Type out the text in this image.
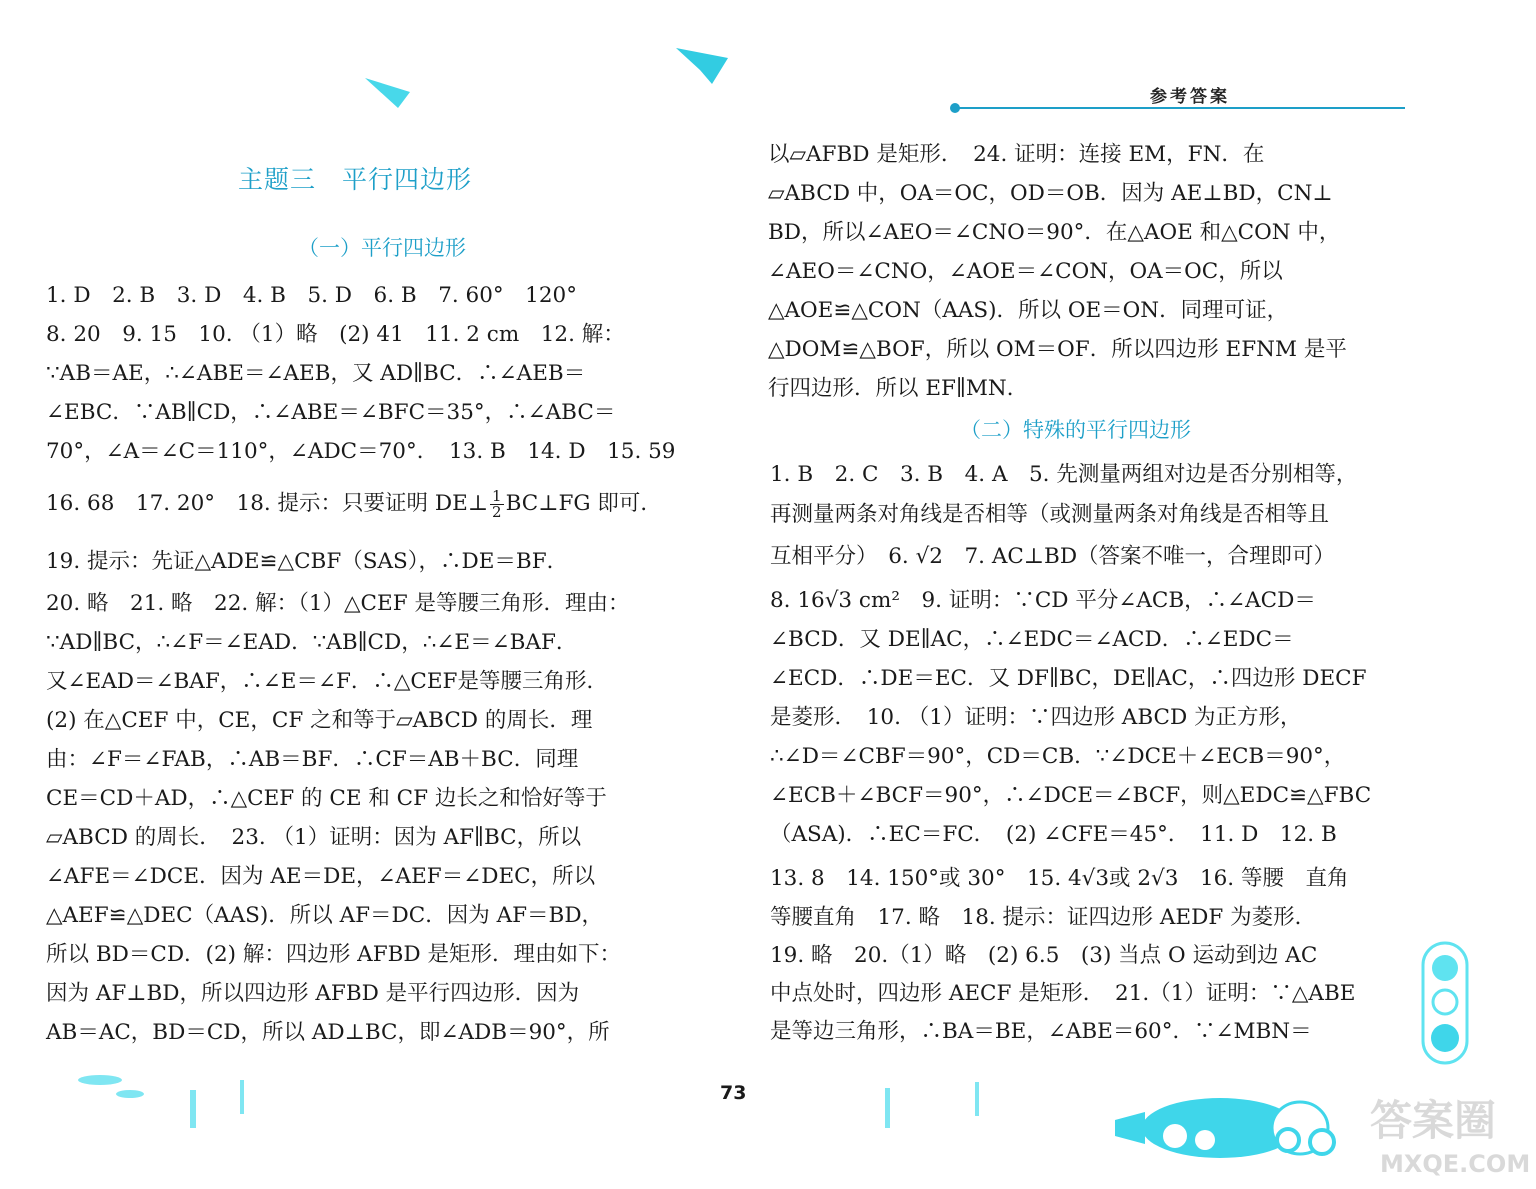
参考答案
主题三　平行四边形
（一）平行四边形
1. D　2. B　3. D　4. B　5. D　6. B　7. 60°　120°
8. 20　9. 15　10. （1）略　(2) 41　11. 2 cm　12. 解：
∵AB＝AE，∴∠ABE＝∠AEB，又 AD∥BC．∴∠AEB＝
∠EBC．∵AB∥CD，∴∠ABE＝∠BFC＝35°，∴∠ABC＝
70°，∠A＝∠C＝110°，∠ADC＝70°．　13. B　14. D　15. 59
16. 68　17. 20°　18. 提示：只要证明 DE⊥ $\frac{1}{2}$ BC⊥FG 即可．
19. 提示：先证△ADE≌△CBF（SAS），∴DE＝BF．
20. 略　21. 略　22. 解：（1）△CEF 是等腰三角形．理由：
∵AD∥BC，∴∠F＝∠EAD．∵AB∥CD，∴∠E＝∠BAF．
又∠EAD＝∠BAF，∴∠E＝∠F．∴△CEF是等腰三角形．
(2) 在△CEF 中，CE，CF 之和等于▱ABCD 的周长．理
由：∠F＝∠FAB，∴AB＝BF．∴CF＝AB＋BC．同理
CE＝CD＋AD，∴△CEF 的 CE 和 CF 边长之和恰好等于
▱ABCD 的周长．　23. （1）证明：因为 AF∥BC，所以
∠AFE＝∠DCE．因为 AE＝DE，∠AEF＝∠DEC，所以
△AEF≌△DEC（AAS)．所以 AF＝DC．因为 AF＝BD，
所以 BD＝CD．(2) 解：四边形 AFBD 是矩形．理由如下：
因为 AF⊥BD，所以四边形 AFBD 是平行四边形．因为
AB＝AC，BD＝CD，所以 AD⊥BC，即∠ADB＝90°，所
以▱AFBD 是矩形．　24. 证明：连接 EM，FN．在
▱ABCD 中，OA＝OC，OD＝OB．因为 AE⊥BD，CN⊥
BD，所以∠AEO＝∠CNO＝90°．在△AOE 和△CON 中，
∠AEO＝∠CNO，∠AOE＝∠CON，OA＝OC，所以
△AOE≌△CON（AAS)．所以 OE＝ON．同理可证，
△DOM≌△BOF，所以 OM＝OF．所以四边形 EFNM 是平
行四边形．所以 EF∥MN．
（二）特殊的平行四边形
1. B　2. C　3. B　4. A　5. 先测量两组对边是否分别相等，
再测量两条对角线是否相等（或测量两条对角线是否相等且
互相平分）　6. √2　7. AC⊥BD（答案不唯一，合理即可）
8. 16√3 cm²　9. 证明：∵CD 平分∠ACB，∴∠ACD＝
∠BCD．又 DE∥AC，∴∠EDC＝∠ACD．∴∠EDC＝
∠ECD．∴DE＝EC．又 DF∥BC，DE∥AC，∴四边形 DECF
是菱形．　10. （1）证明：∵四边形 ABCD 为正方形，
∴∠D＝∠CBF＝90°，CD＝CB．∵∠DCE＋∠ECB＝90°，
∠ECB＋∠BCF＝90°，∴∠DCE＝∠BCF，则△EDC≌△FBC
（ASA)．∴EC＝FC．　(2) ∠CFE＝45°．　11. D　12. B
13. 8　14. 150°或 30°　15. 4√3或 2√3　16. 等腰　直角
等腰直角　17. 略　18. 提示：证四边形 AEDF 为菱形．
19. 略　20.（1）略　(2) 6.5　(3) 当点 O 运动到边 AC
中点处时，四边形 AECF 是矩形．　21.（1）证明：∵△ABE
是等边三角形，∴BA＝BE，∠ABE＝60°．∵∠MBN＝
73
答案圈
MXQE.COM
